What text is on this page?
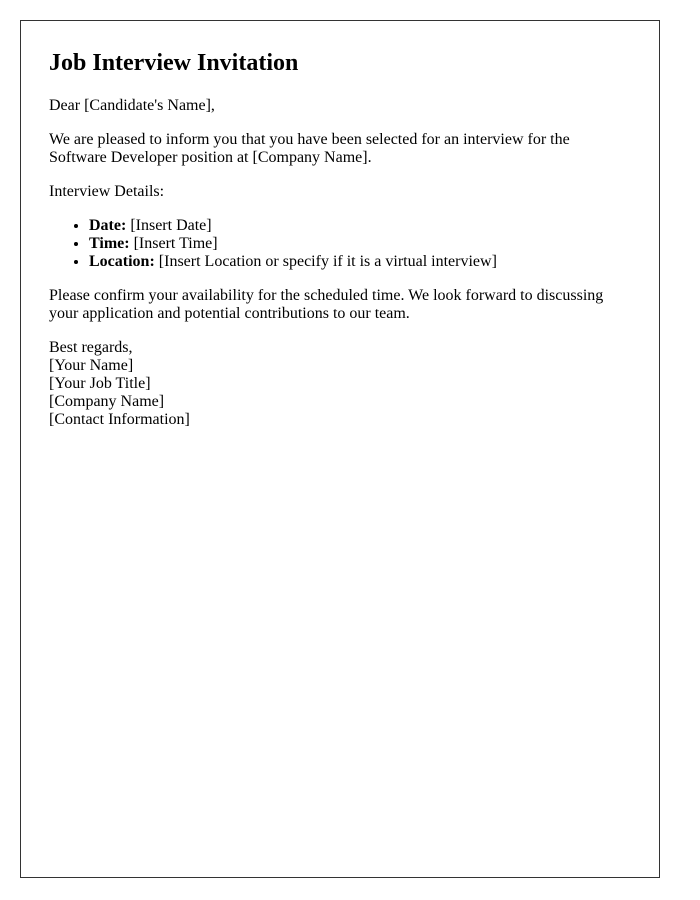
Job Interview Invitation

Dear [Candidate's Name],

We are pleased to inform you that you have been selected for an interview for the Software Developer position at [Company Name].

Interview Details:

• Date: [Insert Date]
• Time: [Insert Time]
• Location: [Insert Location or specify if it is a virtual interview]

Please confirm your availability for the scheduled time. We look forward to discussing your application and potential contributions to our team.

Best regards,
[Your Name]
[Your Job Title]
[Company Name]
[Contact Information]
